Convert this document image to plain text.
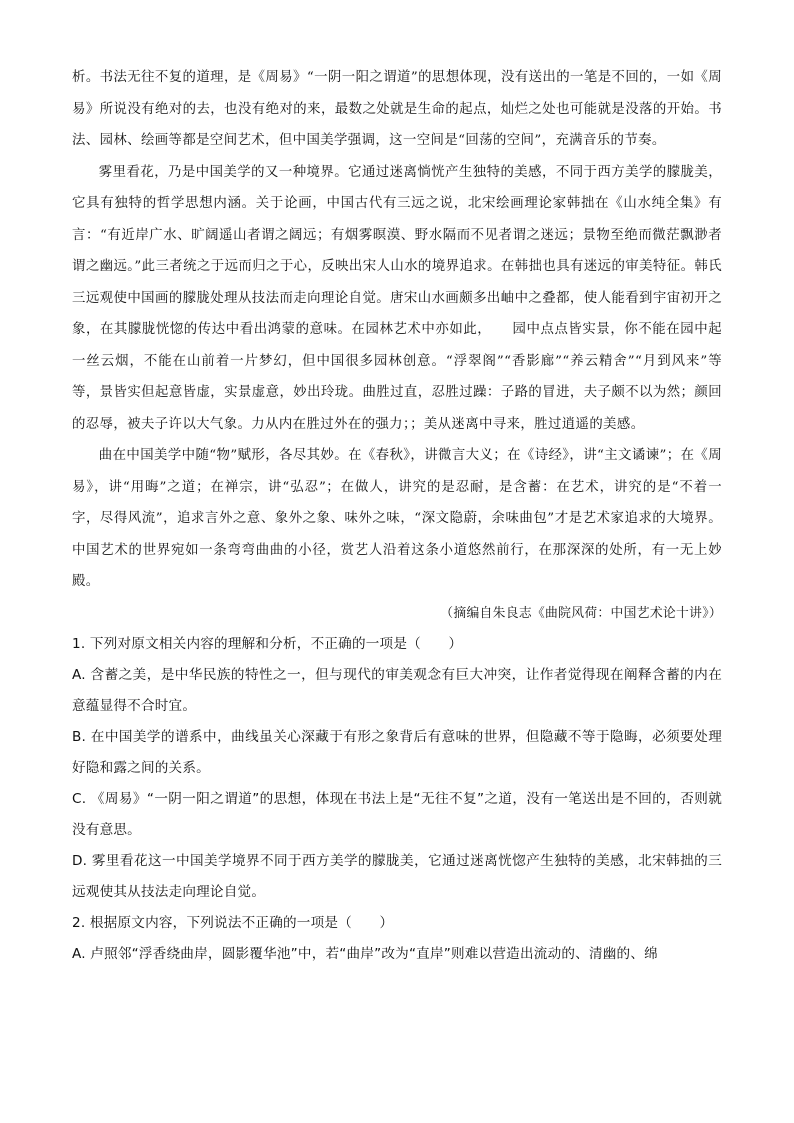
析。书法无往不复的道理，是《周易》“一阴一阳之谓道”的思想体现，没有送出的一笔是不回的，一如《周易》所说没有绝对的去，也没有绝对的来，最数之处就是生命的起点，灿烂之处也可能就是没落的开始。书法、园林、绘画等都是空间艺术，但中国美学强调，这一空间是“回荡的空间”，充满音乐的节奏。

雾里看花，乃是中国美学的又一种境界。它通过迷离惝恍产生独特的美感，不同于西方美学的朦胧美，它具有独特的哲学思想内涵。关于论画，中国古代有三远之说，北宋绘画理论家韩拙在《山水纯全集》有言：“有近岸广水、旷阔遥山者谓之阔远；有烟雾暝漠、野水隔而不见者谓之迷远；景物至绝而微茫飘渺者谓之幽远。”此三者统之于远而归之于心，反映出宋人山水的境界追求。在韩拙也具有迷远的审美特征。韩氏三远观使中国画的朦胧处理从技法而走向理论自觉。唐宋山水画颇多出岫中之叠都，使人能看到宇宙初开之象，在其朦胧恍惚的传达中看出鸿蒙的意味。在园林艺术中亦如此，　　园中点点皆实景，你不能在园中起一丝云烟，不能在山前着一片梦幻，但中国很多园林创意。“浮翠阁”“香影廊”“养云精舍”“月到风来”等等，景皆实但起意皆虚，实景虚意，妙出玲珑。曲胜过直，忍胜过躁：子路的冒进，夫子颇不以为然；颜回的忍辱，被夫子许以大气象。力从内在胜过外在的强力；；美从迷离中寻来，胜过逍遥的美感。

曲在中国美学中随“物”赋形，各尽其妙。在《春秋》，讲微言大义；在《诗经》，讲“主文谲谏”；在《周易》，讲“用晦”之道；在禅宗，讲“弘忍”；在做人，讲究的是忍耐，是含蓄：在艺术，讲究的是“不着一字，尽得风流”，追求言外之意、象外之象、味外之味，“深文隐蔚，余味曲包”才是艺术家追求的大境界。中国艺术的世界宛如一条弯弯曲曲的小径，赏艺人沿着这条小道悠然前行，在那深深的处所，有一无上妙殿。

（摘编自朱良志《曲院风荷：中国艺术论十讲》）

1. 下列对原文相关内容的理解和分析，不正确的一项是（　　）

A. 含蓄之美，是中华民族的特性之一，但与现代的审美观念有巨大冲突，让作者觉得现在阐释含蓄的内在意蕴显得不合时宜。

B. 在中国美学的谱系中，曲线虽关心深藏于有形之象背后有意味的世界，但隐藏不等于隐晦，必须要处理好隐和露之间的关系。

C. 《周易》“一阴一阳之谓道”的思想，体现在书法上是“无往不复”之道，没有一笔送出是不回的，否则就没有意思。

D. 雾里看花这一中国美学境界不同于西方美学的朦胧美，它通过迷离恍惚产生独特的美感，北宋韩拙的三远观使其从技法走向理论自觉。

2. 根据原文内容，下列说法不正确的一项是（　　）

A. 卢照邻“浮香绕曲岸，圆影覆华池”中，若“曲岸”改为“直岸”则难以营造出流动的、清幽的、绵
